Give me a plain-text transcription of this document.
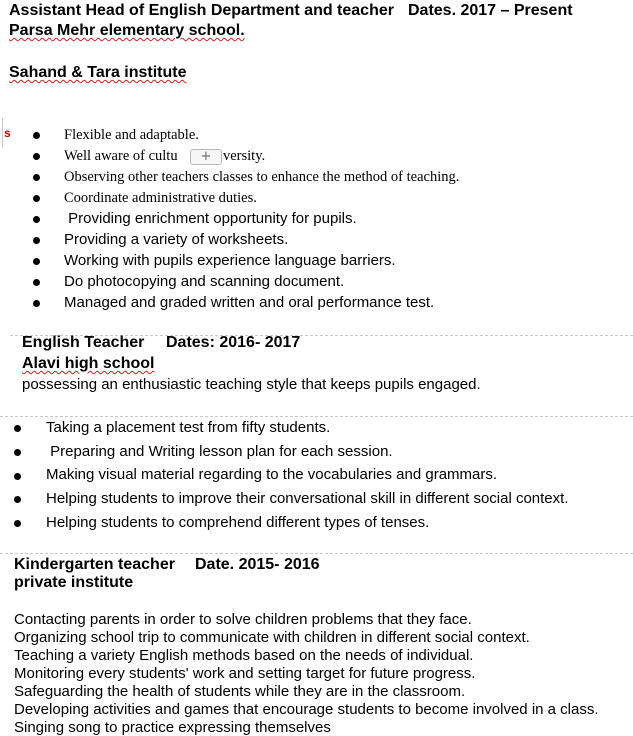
Assistant Head of English Department and teacher Dates. 2017 – Present
Parsa Mehr elementary school.
Sahand & Tara institute
s	Flexible and adaptable.
Well aware of cultu	versity.
+
Observing other teachers classes to enhance the method of teaching.
Coordinate administrative duties.
Providing enrichment opportunity for pupils.
Providing a variety of worksheets.
Working with pupils experience language barriers.
Do photocopying and scanning document.
Managed and graded written and oral performance test.
English Teacher Dates: 2016- 2017
Alavi high school
possessing an enthusiastic teaching style that keeps pupils engaged.
Taking a placement test from fifty students.
Preparing and Writing lesson plan for each session.
Making visual material regarding to the vocabularies and grammars.
Helping students to improve their conversational skill in different social context.
Helping students to comprehend different types of tenses.
Kindergarten teacher Date. 2015- 2016
private institute
Contacting parents in order to solve children problems that they face.
Organizing school trip to communicate with children in different social context.
Teaching a variety English methods based on the needs of individual.
Monitoring every students' work and setting target for future progress.
Safeguarding the health of students while they are in the classroom.
Developing activities and games that encourage students to become involved in a class.
Singing song to practice expressing themselves
